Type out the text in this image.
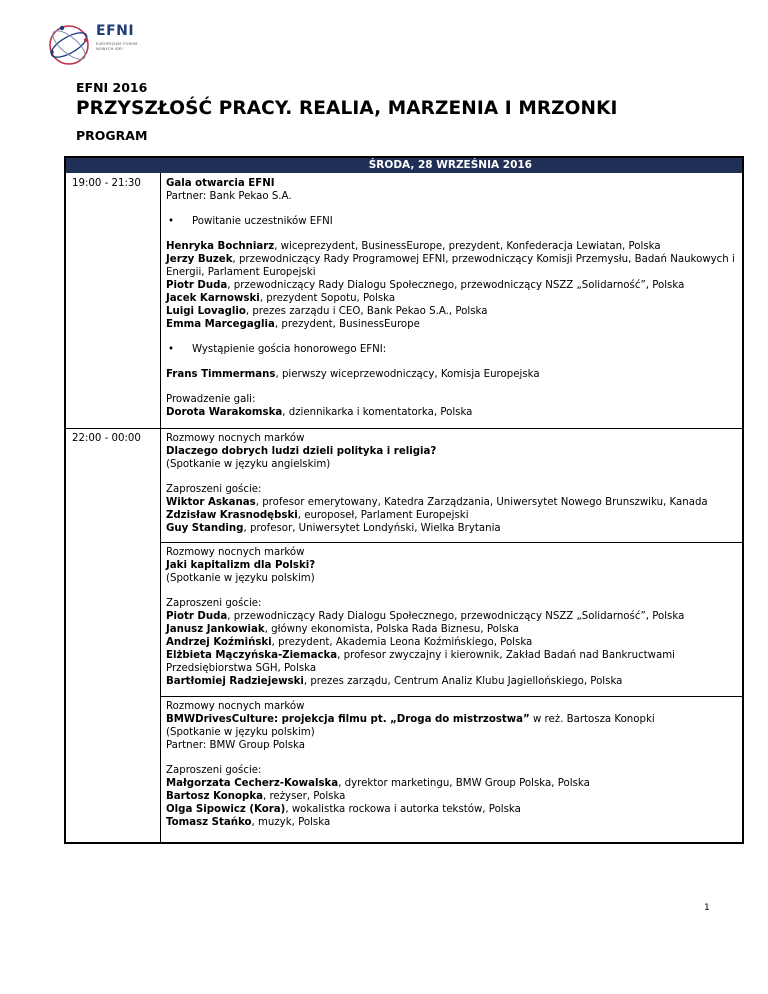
EFNI
EUROPEJSKIE FORUM
NOWYCH IDEI
EFNI 2016
PRZYSZŁOŚĆ PRACY. REALIA, MARZENIA I MRZONKI
PROGRAM
ŚRODA, 28 WRZEŚNIA 2016
19:00 - 21:30 Gala otwarcia EFNI

Partner: Bank Pekao S.A.

•	Powitanie uczestników EFNI

Henryka Bochniarz, wiceprezydent, BusinessEurope, prezydent, Konfederacja Lewiatan, Polska

Jerzy Buzek, przewodniczący Rady Programowej EFNI, przewodniczący Komisji Przemysłu, Badań Naukowych i Energii, Parlament Europejski

Piotr Duda, przewodniczący Rady Dialogu Społecznego, przewodniczący NSZZ „Solidarność”, Polska

Jacek Karnowski, prezydent Sopotu, Polska

Luigi Lovaglio, prezes zarządu i CEO, Bank Pekao S.A., Polska

Emma Marcegaglia, prezydent, BusinessEurope

•	Wystąpienie gościa honorowego EFNI:

Frans Timmermans, pierwszy wiceprzewodniczący, Komisja Europejska

Prowadzenie gali:

Dorota Warakomska, dziennikarka i komentatorka, Polska

22:00 - 00:00 Rozmowy nocnych marków

Dlaczego dobrych ludzi dzieli polityka i religia?

(Spotkanie w języku angielskim)

Zaproszeni goście:

Wiktor Askanas, profesor emerytowany, Katedra Zarządzania, Uniwersytet Nowego Brunszwiku, Kanada

Zdzisław Krasnodębski, europoseł, Parlament Europejski

Guy Standing, profesor, Uniwersytet Londyński, Wielka Brytania

Rozmowy nocnych marków

Jaki kapitalizm dla Polski?

(Spotkanie w języku polskim)

Zaproszeni goście:

Piotr Duda, przewodniczący Rady Dialogu Społecznego, przewodniczący NSZZ „Solidarność”, Polska

Janusz Jankowiak, główny ekonomista, Polska Rada Biznesu, Polska

Andrzej Koźmiński, prezydent, Akademia Leona Koźmińskiego, Polska

Elżbieta Mączyńska-Ziemacka, profesor zwyczajny i kierownik, Zakład Badań nad Bankructwami Przedsiębiorstwa SGH, Polska

Bartłomiej Radziejewski, prezes zarządu, Centrum Analiz Klubu Jagiellońskiego, Polska

Rozmowy nocnych marków

BMWDrivesCulture: projekcja filmu pt. „Droga do mistrzostwa” w reż. Bartosza Konopki

(Spotkanie w języku polskim)

Partner: BMW Group Polska

Zaproszeni goście:

Małgorzata Cecherz-Kowalska, dyrektor marketingu, BMW Group Polska, Polska

Bartosz Konopka, reżyser, Polska

Olga Sipowicz (Kora), wokalistka rockowa i autorka tekstów, Polska

Tomasz Stańko, muzyk, Polska

1
